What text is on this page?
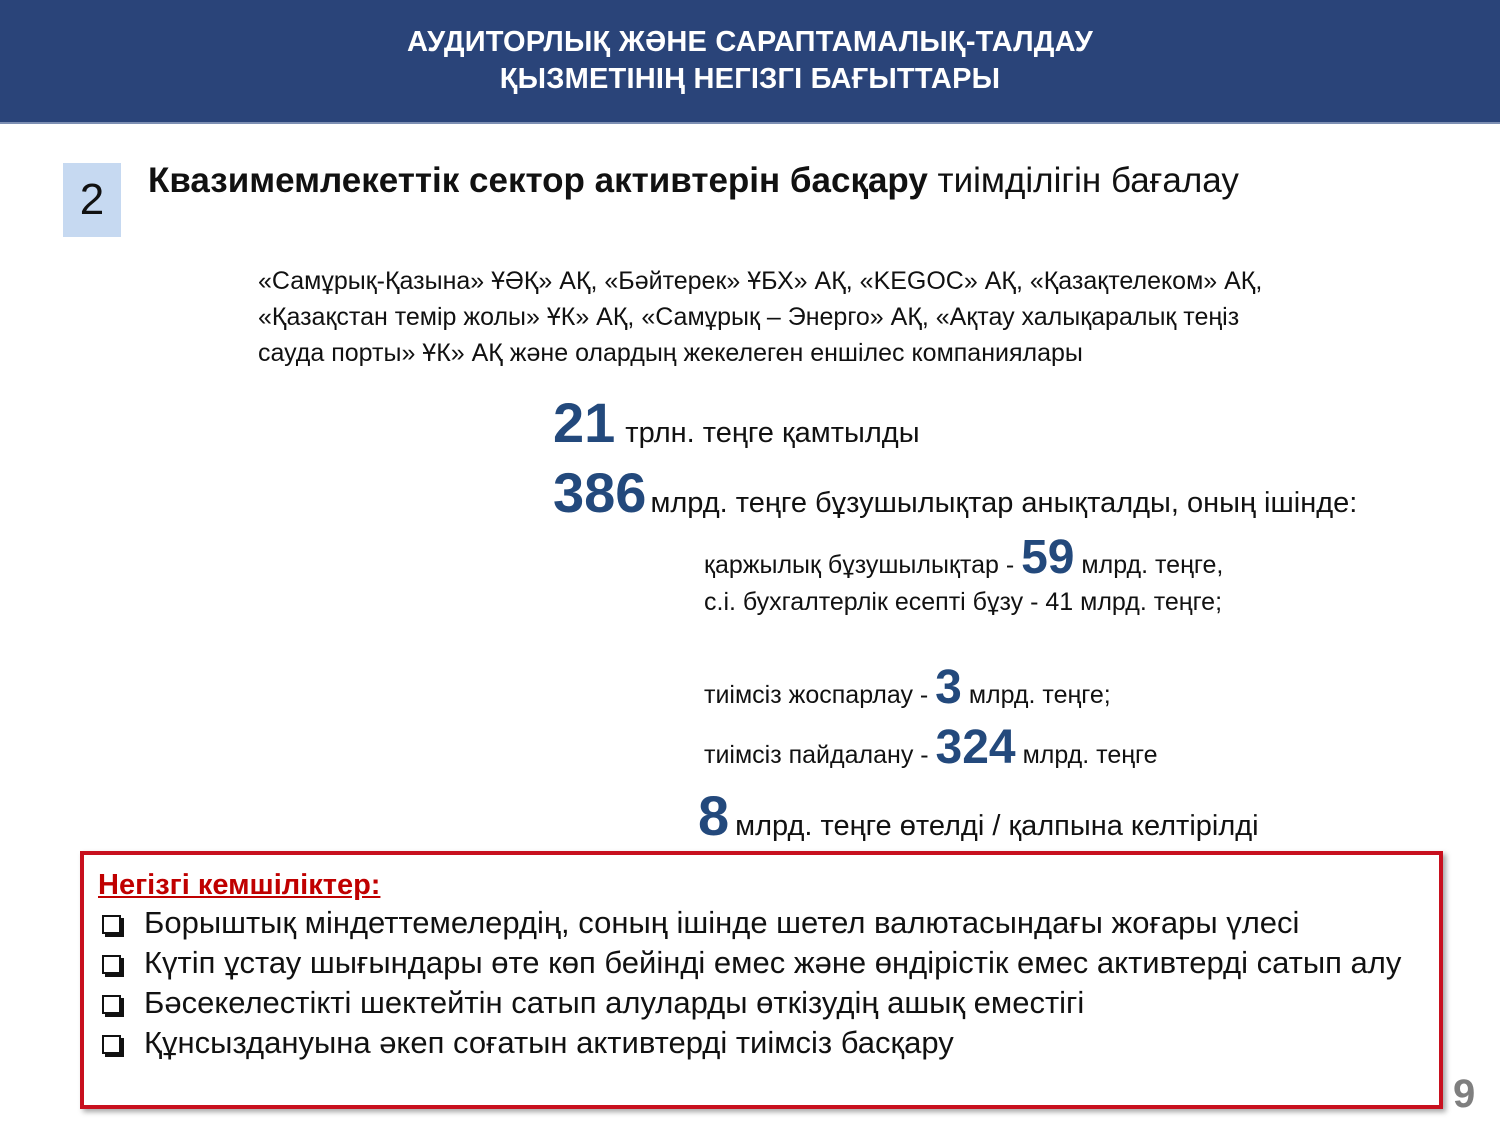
АУДИТОРЛЫҚ ЖӘНЕ САРАПТАМАЛЫҚ-ТАЛДАУ
ҚЫЗМЕТІНІҢ НЕГІЗГІ БАҒЫТТАРЫ
2	Квазимемлекеттік сектор активтерін басқару тиімділігін бағалау
«Самұрық-Қазына» ҰӘҚ» АҚ, «Бәйтерек» ҰБХ» АҚ, «KEGOC» АҚ, «Қазақтелеком» АҚ,
«Қазақстан темір жолы» ҰК» АҚ, «Самұрық – Энерго» АҚ, «Ақтау халықаралық теңіз
сауда порты» ҰК» АҚ және олардың жекелеген еншілес компаниялары
21 трлн. теңге қамтылды
386 млрд. теңге бұзушылықтар анықталды, оның ішінде:
қаржылық бұзушылықтар - 59 млрд. теңге,
с.і. бухгалтерлік есепті бұзу - 41 млрд. теңге;
тиімсіз жоспарлау - 3 млрд. теңге;
тиімсіз пайдалану - 324 млрд. теңге
8 млрд. теңге өтелді / қалпына келтірілді
Негізгі кемшіліктер:
Борыштық міндеттемелердің, соның ішінде шетел валютасындағы жоғары үлесі
Күтіп ұстау шығындары өте көп бейінді емес және өндірістік емес активтерді сатып алу
Бәсекелестікті шектейтін сатып алуларды өткізудің ашық еместігі
Құнсыздануына әкеп соғатын активтерді тиімсіз басқару
9
